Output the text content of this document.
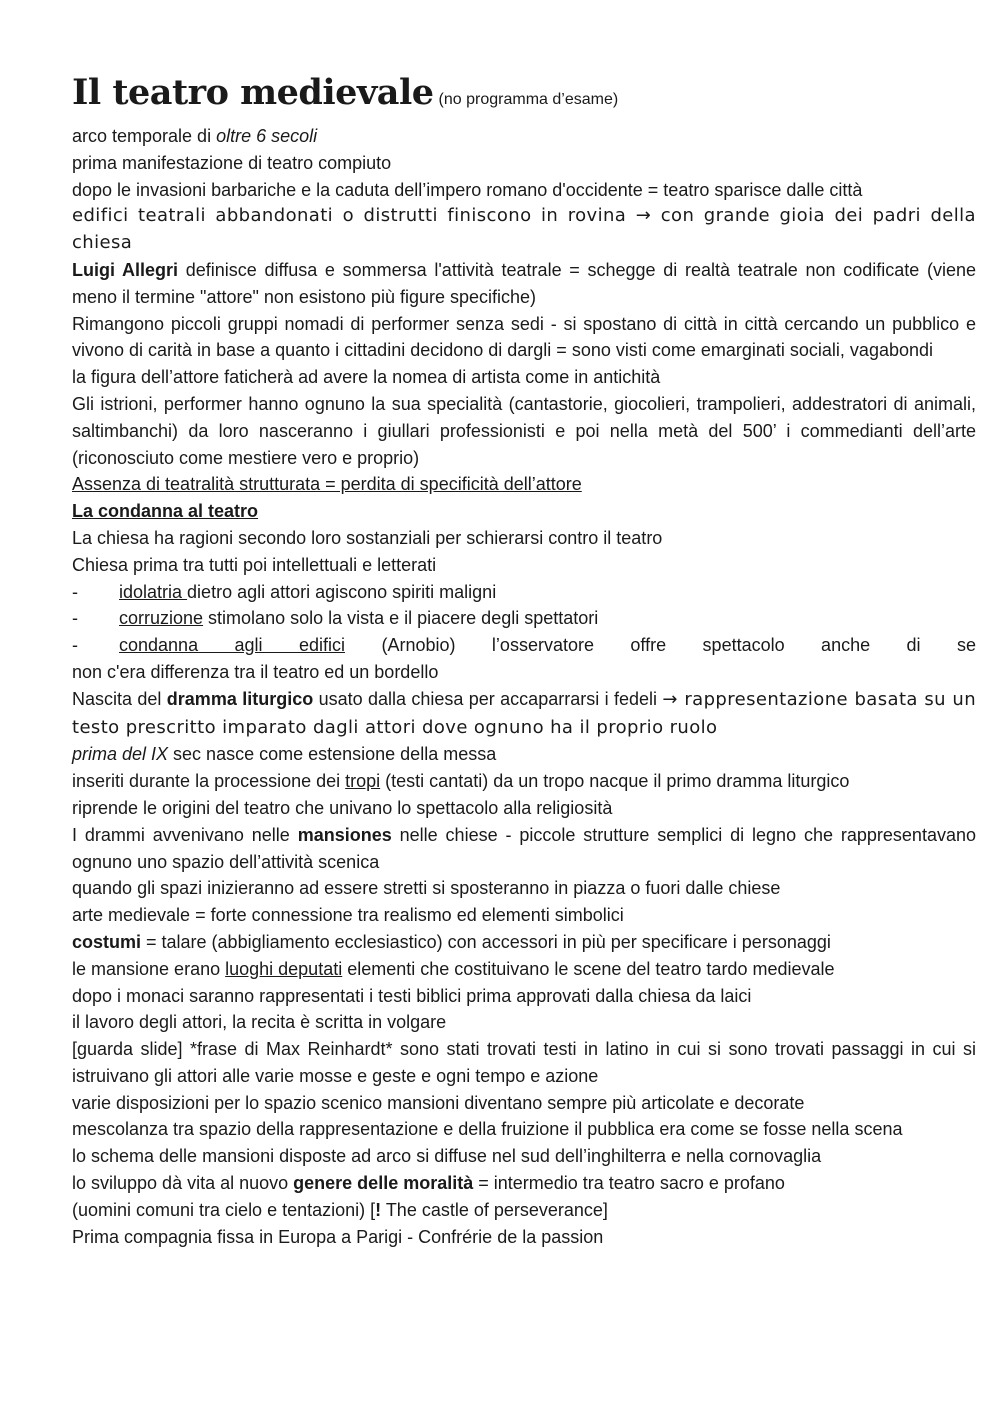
Il teatro medievale (no programma d’esame)

arco temporale di oltre 6 secoli

prima manifestazione di teatro compiuto

dopo le invasioni barbariche e la caduta dell’impero romano d'occidente = teatro sparisce dalle città

edifici teatrali abbandonati o distrutti finiscono in rovina → con grande gioia dei padri della chiesa

Luigi Allegri definisce diffusa e sommersa l'attività teatrale = schegge di realtà teatrale non codificate (viene meno il termine "attore" non esistono più figure specifiche)

Rimangono piccoli gruppi nomadi di performer senza sedi - si spostano di città in città cercando un pubblico e vivono di carità in base a quanto i cittadini decidono di dargli = sono visti come emarginati sociali, vagabondi

la figura dell’attore faticherà ad avere la nomea di artista come in antichità

Gli istrioni, performer hanno ognuno la sua specialità (cantastorie, giocolieri, trampolieri, addestratori di animali, saltimbanchi) da loro nasceranno i giullari professionisti e poi nella metà del 500’ i commedianti dell’arte (riconosciuto come mestiere vero e proprio)

Assenza di teatralità strutturata = perdita di specificità dell’attore

La condanna al teatro

La chiesa ha ragioni secondo loro sostanziali per schierarsi contro il teatro

Chiesa prima tra tutti poi intellettuali e letterati

- idolatria dietro agli attori agiscono spiriti maligni

- corruzione stimolano solo la vista e il piacere degli spettatori

- condanna agli edifici (Arnobio) l’osservatore offre spettacolo anche di se

non c'era differenza tra il teatro ed un bordello

Nascita del dramma liturgico usato dalla chiesa per accaparrarsi i fedeli → rappresentazione basata su un testo prescritto imparato dagli attori dove ognuno ha il proprio ruolo

prima del IX sec nasce come estensione della messa

inseriti durante la processione dei tropi (testi cantati) da un tropo nacque il primo dramma liturgico

riprende le origini del teatro che univano lo spettacolo alla religiosità

I drammi avvenivano nelle mansiones nelle chiese - piccole strutture semplici di legno che rappresentavano ognuno uno spazio dell’attività scenica

quando gli spazi inizieranno ad essere stretti si sposteranno in piazza o fuori dalle chiese

arte medievale = forte connessione tra realismo ed elementi simbolici

costumi = talare (abbigliamento ecclesiastico) con accessori in più per specificare i personaggi

le mansione erano luoghi deputati elementi che costituivano le scene del teatro tardo medievale

dopo i monaci saranno rappresentati i testi biblici prima approvati dalla chiesa da laici

il lavoro degli attori, la recita è scritta in volgare

[guarda slide] *frase di Max Reinhardt* sono stati trovati testi in latino in cui si sono trovati passaggi in cui si istruivano gli attori alle varie mosse e geste e ogni tempo e azione

varie disposizioni per lo spazio scenico mansioni diventano sempre più articolate e decorate

mescolanza tra spazio della rappresentazione e della fruizione il pubblica era come se fosse nella scena

lo schema delle mansioni disposte ad arco si diffuse nel sud dell’inghilterra e nella cornovaglia

lo sviluppo dà vita al nuovo genere delle moralità = intermedio tra teatro sacro e profano

(uomini comuni tra cielo e tentazioni) [! The castle of perseverance]

Prima compagnia fissa in Europa a Parigi - Confrérie de la passion
